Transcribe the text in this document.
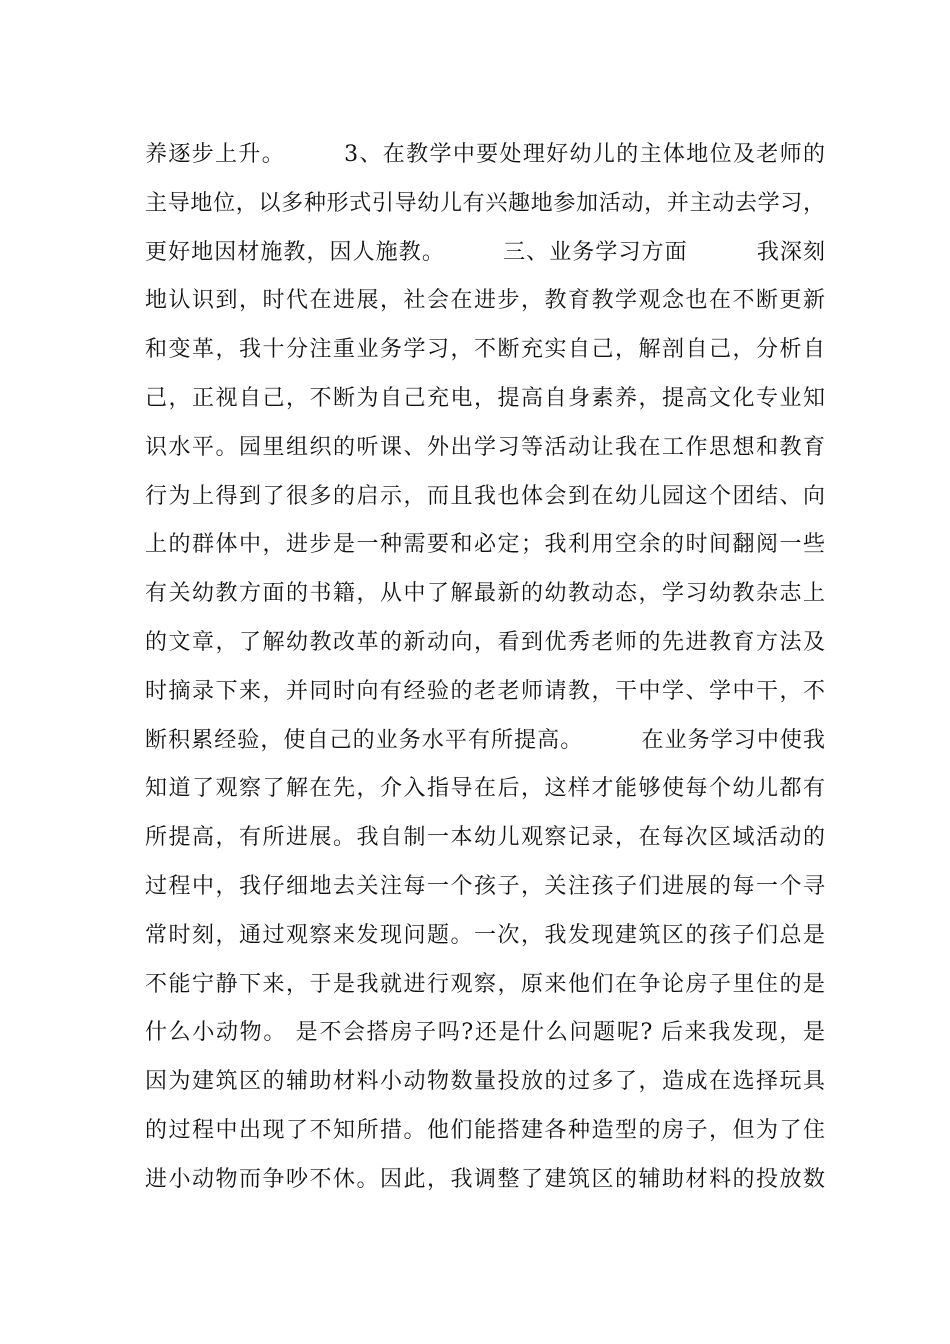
养逐步上升。　　　3、在教学中要处理好幼儿的主体地位及老师的
主导地位，以多种形式引导幼儿有兴趣地参加活动，并主动去学习，
更好地因材施教，因人施教。　　　三、业务学习方面　　　我深刻
地认识到，时代在进展，社会在进步，教育教学观念也在不断更新
和变革，我十分注重业务学习，不断充实自己，解剖自己，分析自
己，正视自己，不断为自己充电，提高自身素养，提高文化专业知
识水平。园里组织的听课、外出学习等活动让我在工作思想和教育
行为上得到了很多的启示，而且我也体会到在幼儿园这个团结、向
上的群体中，进步是一种需要和必定；我利用空余的时间翻阅一些
有关幼教方面的书籍，从中了解最新的幼教动态，学习幼教杂志上
的文章，了解幼教改革的新动向，看到优秀老师的先进教育方法及
时摘录下来，并同时向有经验的老老师请教，干中学、学中干，不
断积累经验，使自己的业务水平有所提高。　　　在业务学习中使我
知道了观察了解在先，介入指导在后，这样才能够使每个幼儿都有
所提高，有所进展。我自制一本幼儿观察记录，在每次区域活动的
过程中，我仔细地去关注每一个孩子，关注孩子们进展的每一个寻
常时刻，通过观察来发现问题。一次，我发现建筑区的孩子们总是
不能宁静下来，于是我就进行观察，原来他们在争论房子里住的是
什么小动物。 是不会搭房子吗?还是什么问题呢? 后来我发现，是
因为建筑区的辅助材料小动物数量投放的过多了，造成在选择玩具
的过程中出现了不知所措。他们能搭建各种造型的房子，但为了住
进小动物而争吵不休。因此，我调整了建筑区的辅助材料的投放数
